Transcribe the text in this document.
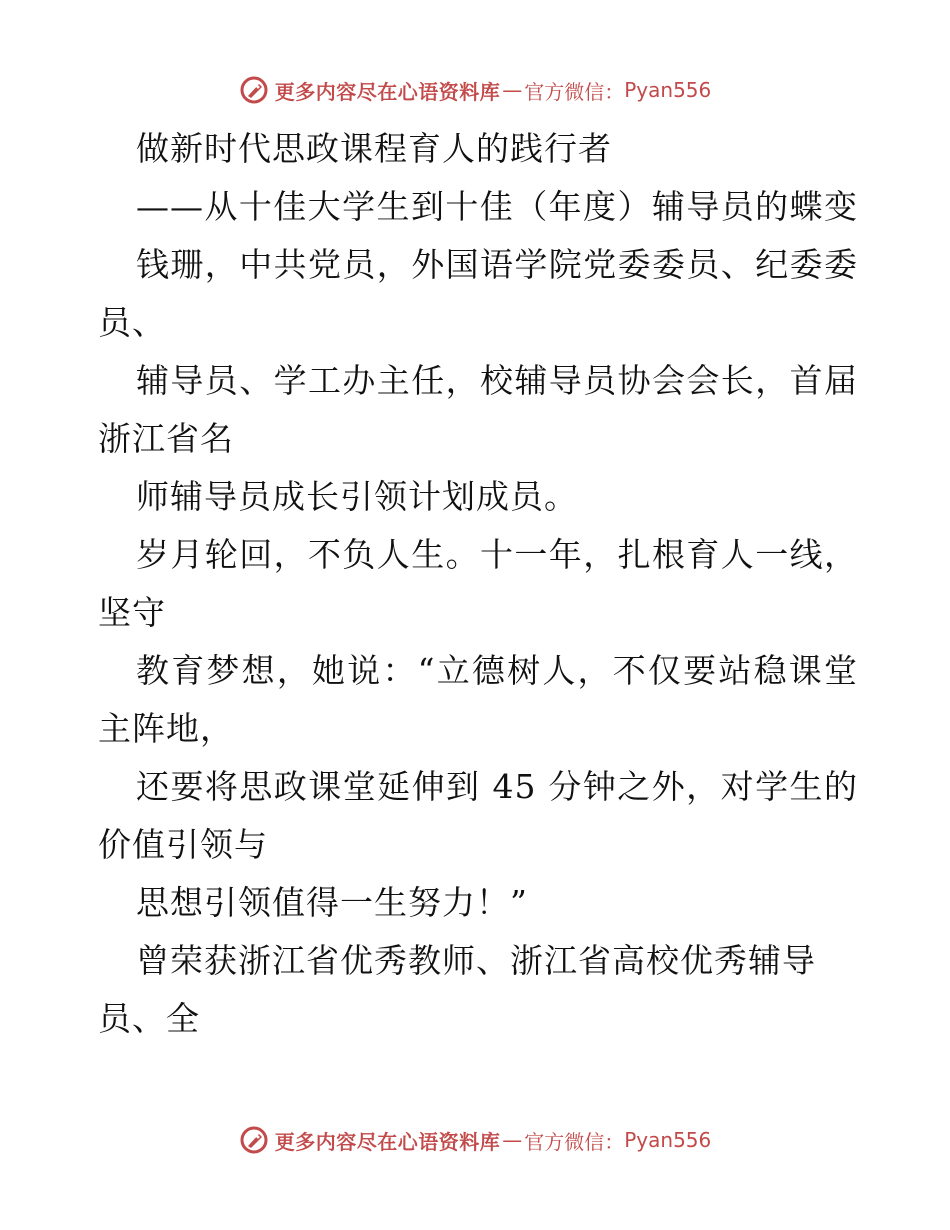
更多内容尽在心语资料库 — 官方微信： Pyan556
做新时代思政课程育人的践行者
——从十佳大学生到十佳（年度）辅导员的蝶变
钱珊，中共党员，外国语学院党委委员、纪委委
员、
辅导员、学工办主任，校辅导员协会会长，首届
浙江省名
师辅导员成长引领计划成员。
岁月轮回，不负人生。十一年，扎根育人一线，
坚守
教育梦想，她说：“立德树人，不仅要站稳课堂
主阵地，
还要将思政课堂延伸到 45 分钟之外，对学生的
价值引领与
思想引领值得一生努力！”
曾荣获浙江省优秀教师、浙江省高校优秀辅导
员、全
更多内容尽在心语资料库 — 官方微信： Pyan556
